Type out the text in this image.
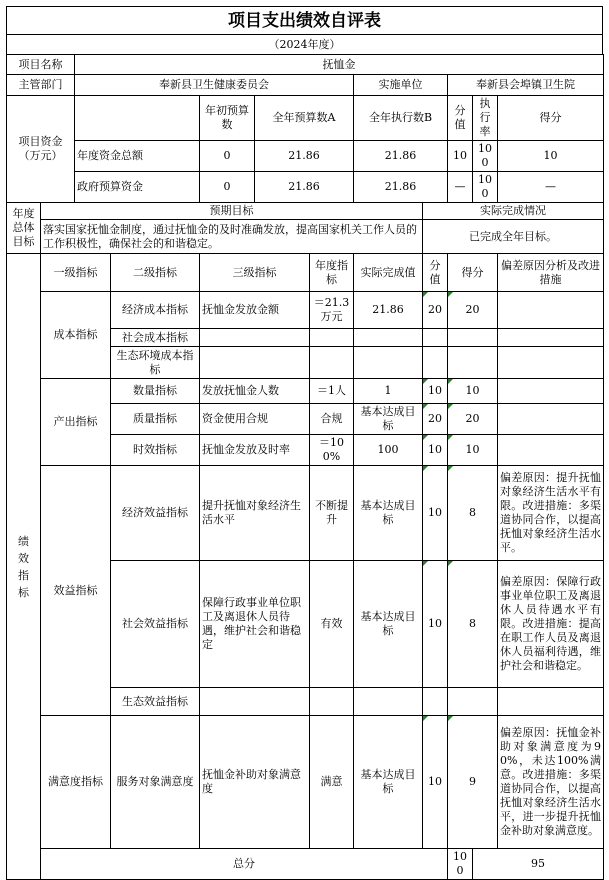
项目支出绩效自评表
（2024年度）
项目名称		抚恤金										
主管部门		奉新县卫生健康委员会					实施单位		奉新县会埠镇卫生院			
项目资金（万元）				年初预算数	全年预算数A		全年执行数B		分值	执行率	得分	
		年度资金总额		0	21.86		21.86		10	100	10	
		政府预算资金		0	21.86		21.86		—	100	—	
年度总体目标	预期目标							实际完成情况				
	落实国家抚恤金制度，通过抚恤金的及时准确发放，提高国家机关工作人员的工作积极性，确保社会的和谐稳定。							已完成全年目标。				
绩效指标	一级指标		二级指标	三级指标		年度指标	实际完成值	分值	得分		偏差原因分析及改进措施	
	成本指标		经济成本指标	抚恤金发放金额		＝21.3万元	21.86	20	20			
			社会成本指标									
			生态环境成本指标									
	产出指标		数量指标	发放抚恤金人数		＝1人	1	10	10			
			质量指标	资金使用合规		合规	基本达成目标	20	20			
			时效指标	抚恤金发放及时率		＝100%	100	10	10			
	效益指标		经济效益指标	提升抚恤对象经济生活水平		不断提升	基本达成目标	10	8		偏差原因：提升抚恤对象经济生活水平有限。改进措施：多渠道协同合作，以提高抚恤对象经济生活水平。	
			社会效益指标	保障行政事业单位职工及离退休人员待遇，维护社会和谐稳定		有效	基本达成目标	10	8		偏差原因：保障行政事业单位职工及离退休人员待遇水平有限。改进措施：提高在职工作人员及离退休人员福利待遇，维护社会和谐稳定。	
			生态效益指标									
	满意度指标		服务对象满意度	抚恤金补助对象满意度		满意	基本达成目标	10	9		偏差原因：抚恤金补助对象满意度为90%，未达100%满意。改进措施：多渠道协同合作，以提高抚恤对象经济生活水平，进一步提升抚恤金补助对象满意度。	
	总分								100	95		
